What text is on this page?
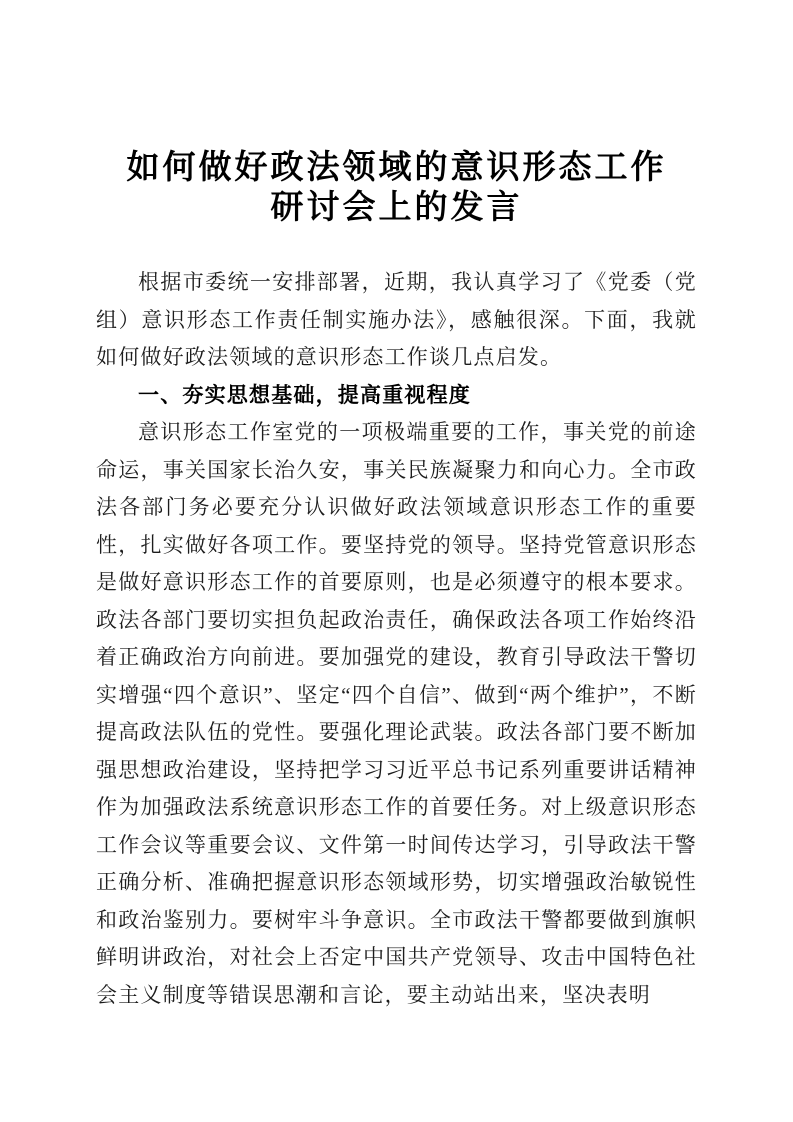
如何做好政法领域的意识形态工作
研讨会上的发言

根据市委统一安排部署，近期，我认真学习了《党委（党组）意识形态工作责任制实施办法》，感触很深。下面，我就如何做好政法领域的意识形态工作谈几点启发。

一、夯实思想基础，提高重视程度

意识形态工作室党的一项极端重要的工作，事关党的前途命运，事关国家长治久安，事关民族凝聚力和向心力。全市政法各部门务必要充分认识做好政法领域意识形态工作的重要性，扎实做好各项工作。要坚持党的领导。坚持党管意识形态是做好意识形态工作的首要原则，也是必须遵守的根本要求。政法各部门要切实担负起政治责任，确保政法各项工作始终沿着正确政治方向前进。要加强党的建设，教育引导政法干警切实增强“四个意识”、坚定“四个自信”、做到“两个维护”，不断提高政法队伍的党性。要强化理论武装。政法各部门要不断加强思想政治建设，坚持把学习习近平总书记系列重要讲话精神作为加强政法系统意识形态工作的首要任务。对上级意识形态工作会议等重要会议、文件第一时间传达学习，引导政法干警正确分析、准确把握意识形态领域形势，切实增强政治敏锐性和政治鉴别力。要树牢斗争意识。全市政法干警都要做到旗帜鲜明讲政治，对社会上否定中国共产党领导、攻击中国特色社会主义制度等错误思潮和言论，要主动站出来，坚决表明
